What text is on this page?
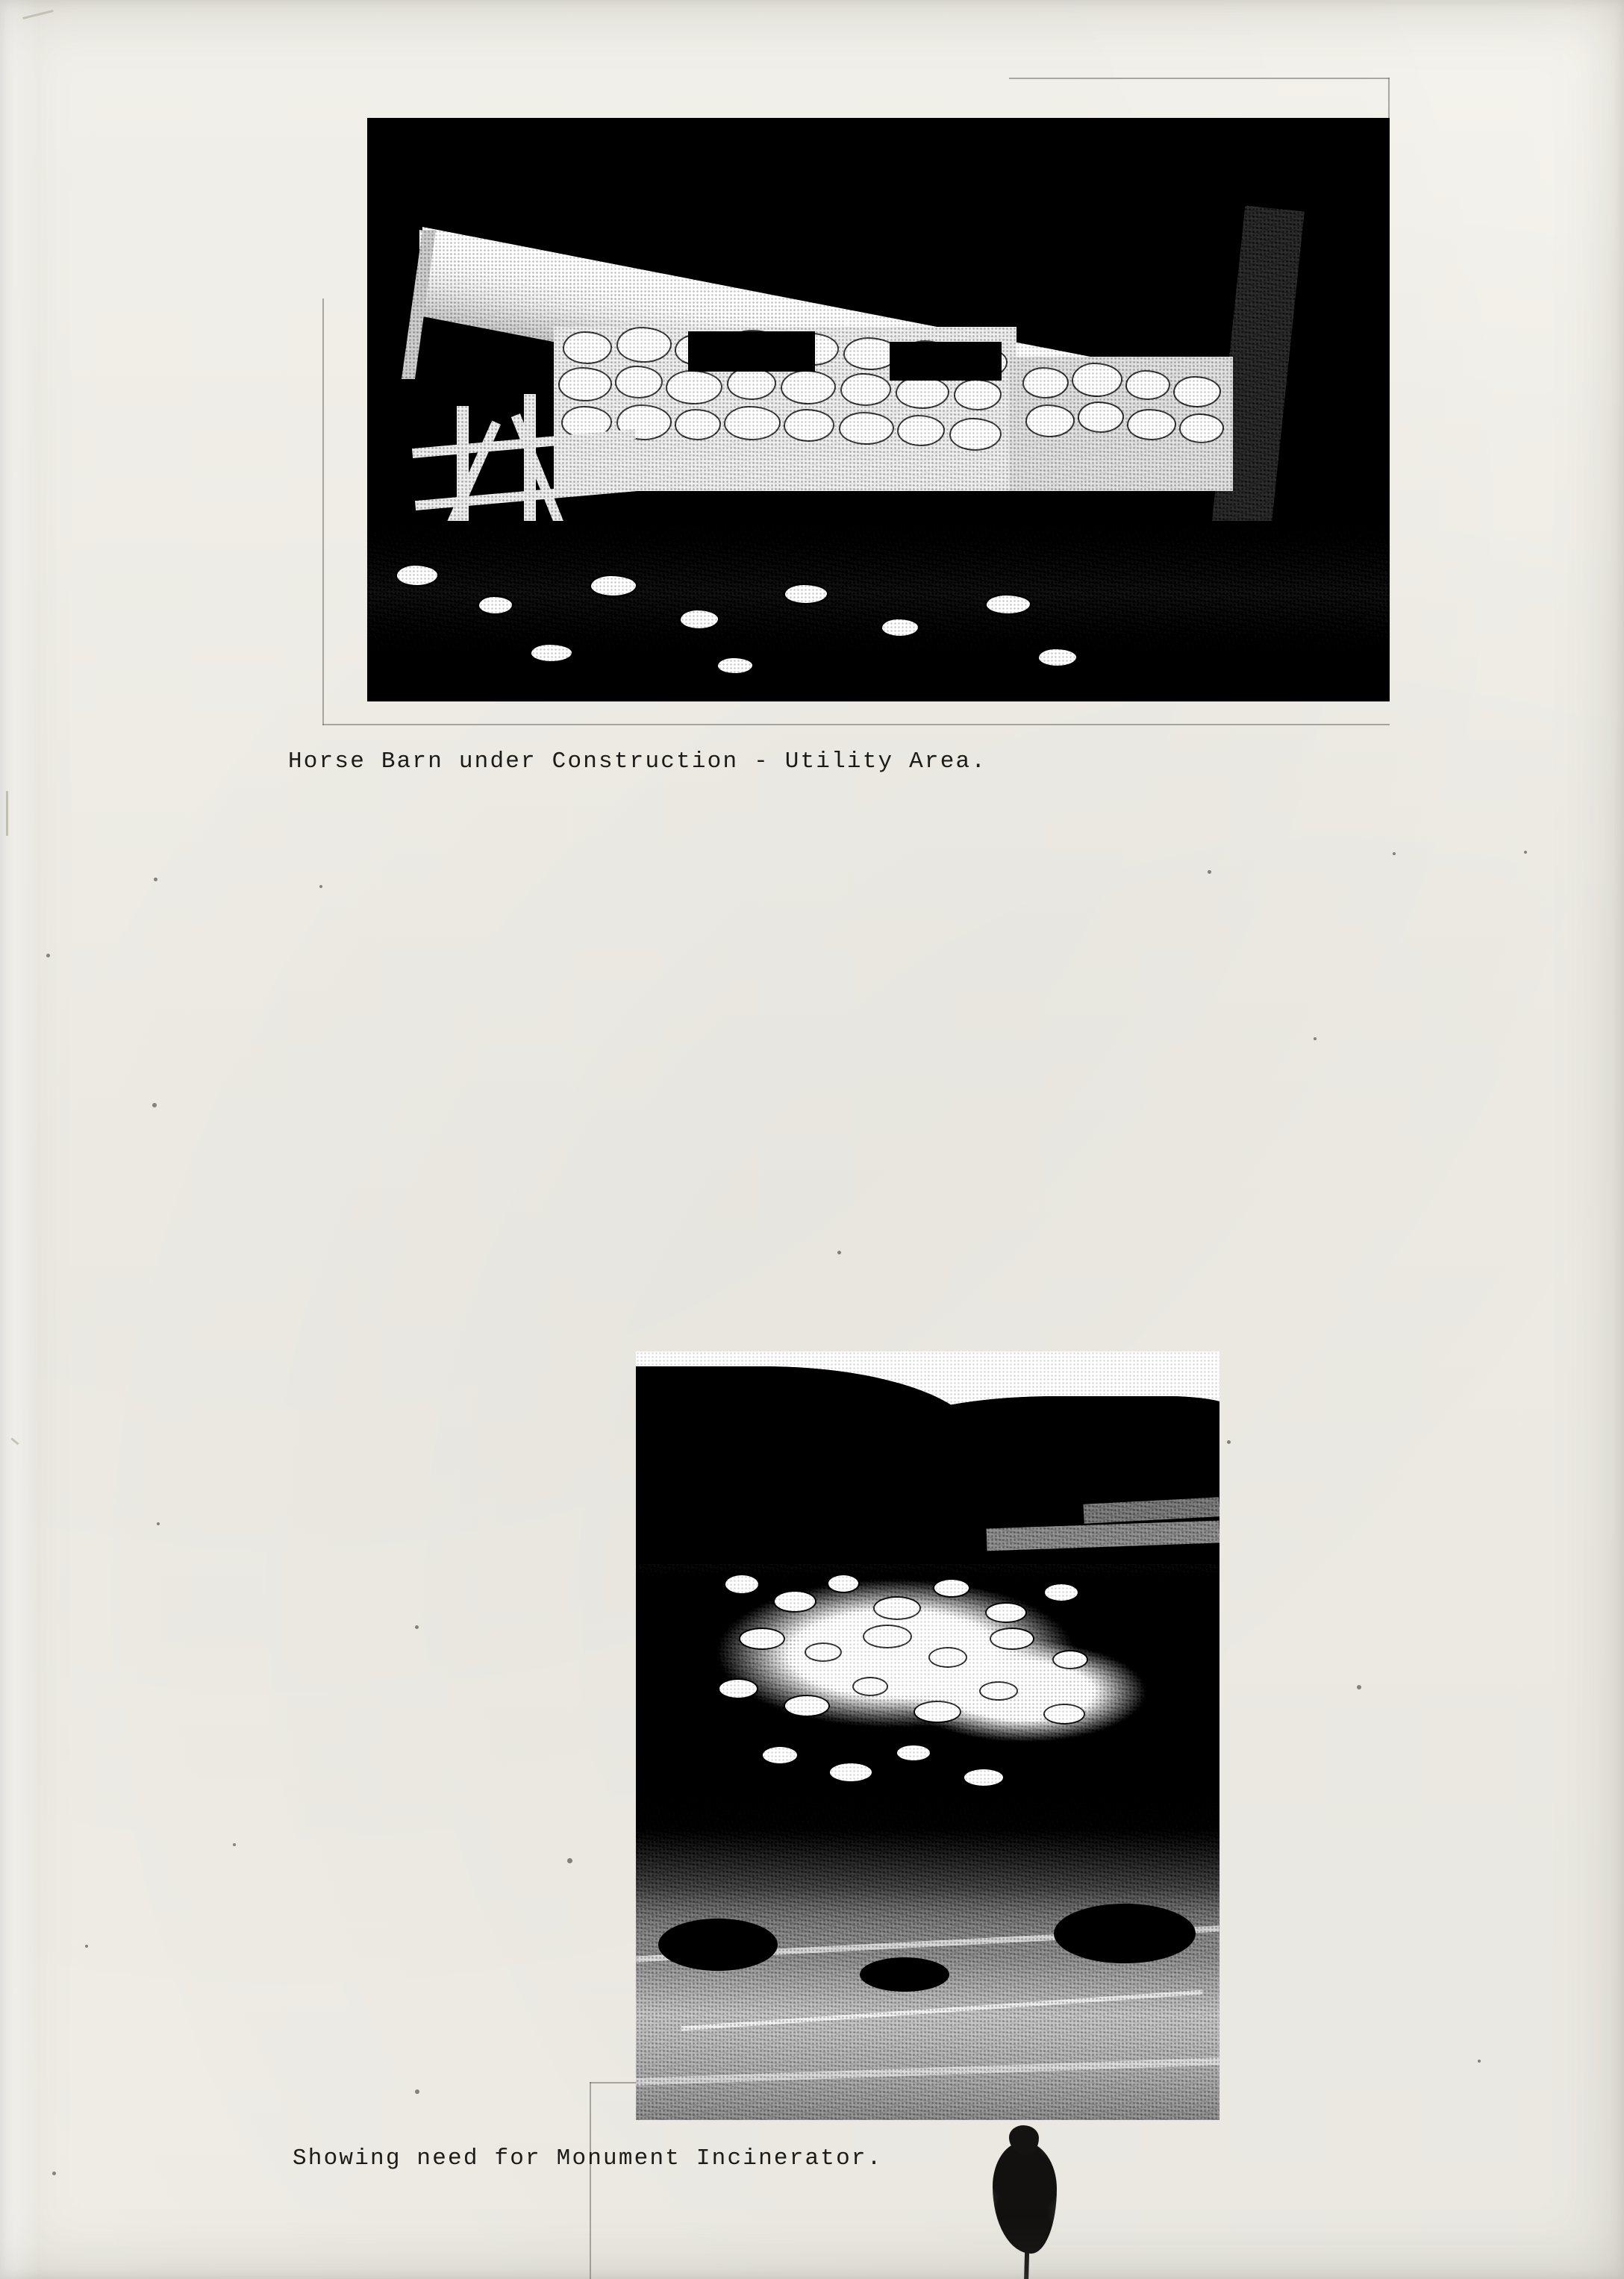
Horse Barn under Construction - Utility Area.
Showing need for Monument Incinerator.
